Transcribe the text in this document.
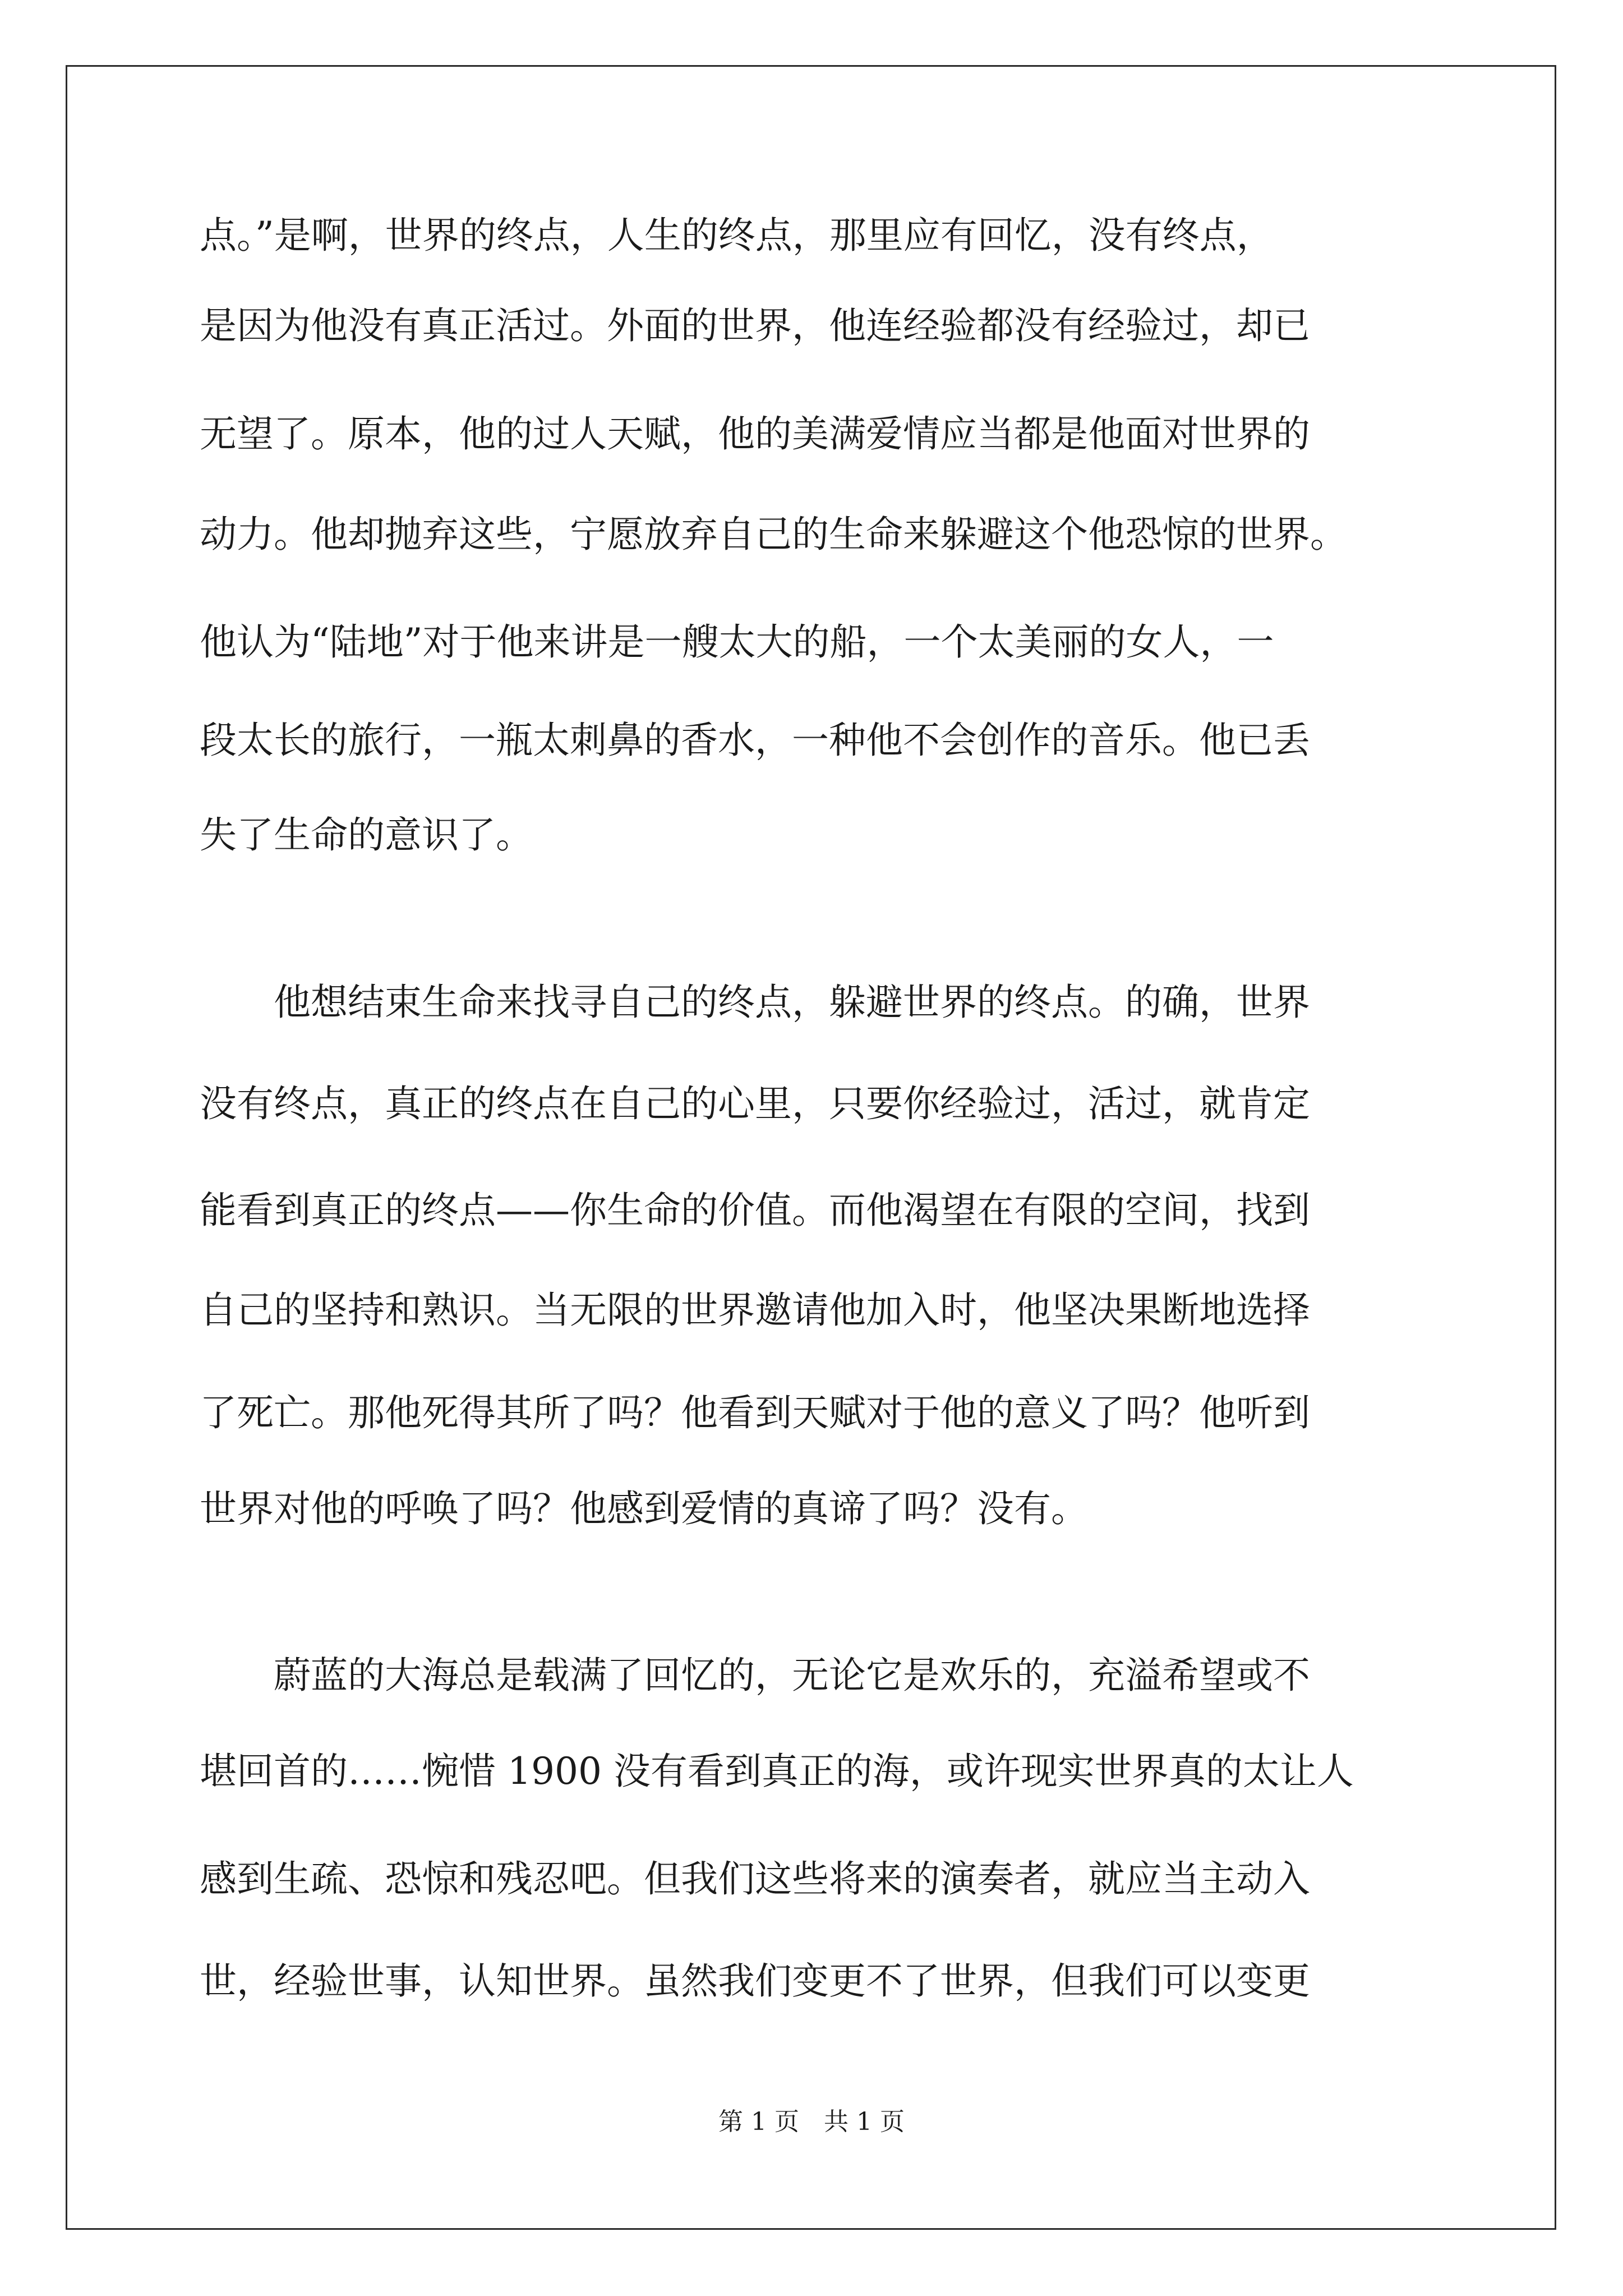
点。”是啊，世界的终点，人生的终点，那里应有回忆，没有终点，
是因为他没有真正活过。外面的世界，他连经验都没有经验过，却已
无望了。原本，他的过人天赋，他的美满爱情应当都是他面对世界的
动力。他却抛弃这些，宁愿放弃自己的生命来躲避这个他恐惊的世界。
他认为“陆地”对于他来讲是一艘太大的船，一个太美丽的女人，一
段太长的旅行，一瓶太刺鼻的香水，一种他不会创作的音乐。他已丢
失了生命的意识了。
　　他想结束生命来找寻自己的终点，躲避世界的终点。的确，世界
没有终点，真正的终点在自己的心里，只要你经验过，活过，就肯定
能看到真正的终点——你生命的价值。而他渴望在有限的空间，找到
自己的坚持和熟识。当无限的世界邀请他加入时，他坚决果断地选择
了死亡。那他死得其所了吗？他看到天赋对于他的意义了吗？他听到
世界对他的呼唤了吗？他感到爱情的真谛了吗？没有。
　　蔚蓝的大海总是载满了回忆的，无论它是欢乐的，充溢希望或不
堪回首的……惋惜 1900 没有看到真正的海，或许现实世界真的太让人
感到生疏、恐惊和残忍吧。但我们这些将来的演奏者，就应当主动入
世，经验世事，认知世界。虽然我们变更不了世界，但我们可以变更
第 1 页　共 1 页
